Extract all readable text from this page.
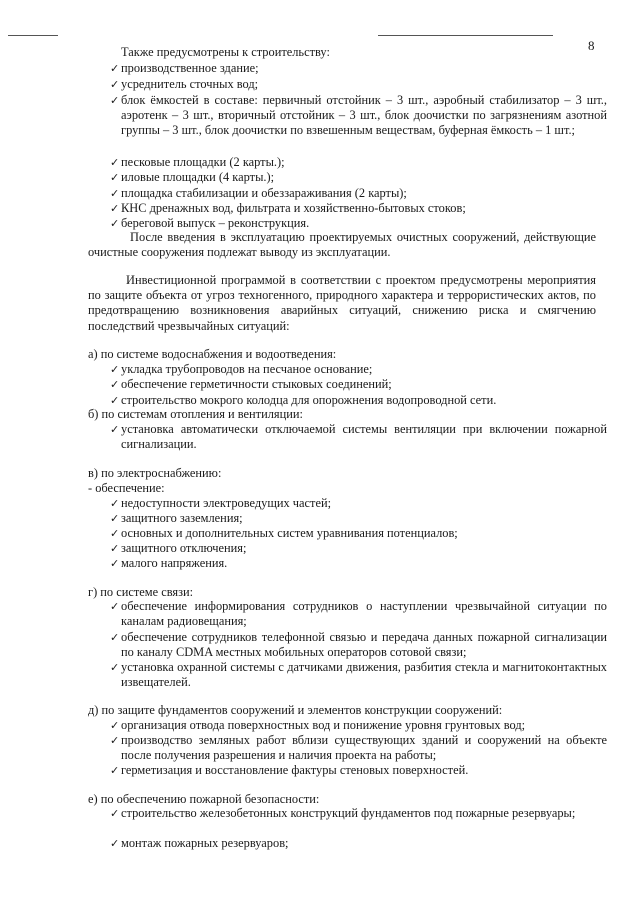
8
Также предусмотрены к строительству:
✓ производственное здание;
✓ усреднитель сточных вод;
✓ блок ёмкостей в составе: первичный отстойник – 3 шт., аэробный стабилизатор – 3 шт., аэротенк – 3 шт., вторичный отстойник – 3 шт., блок доочистки по загрязнениям азотной группы – 3 шт., блок доочистки по взвешенным веществам, буферная ёмкость – 1 шт.;
✓ песковые площадки (2 карты.);
✓ иловые площадки (4 карты.);
✓ площадка стабилизации и обеззараживания (2 карты);
✓ КНС дренажных вод, фильтрата и хозяйственно-бытовых стоков;
✓ береговой выпуск – реконструкция.
После введения в эксплуатацию проектируемых очистных сооружений, действующие очистные сооружения подлежат выводу из эксплуатации.
Инвестиционной программой в соответствии с проектом предусмотрены мероприятия по защите объекта от угроз техногенного, природного характера и террористических актов, по предотвращению возникновения аварийных ситуаций, снижению риска и смягчению последствий чрезвычайных ситуаций:
а) по системе водоснабжения и водоотведения:
✓ укладка трубопроводов на песчаное основание;
✓ обеспечение герметичности стыковых соединений;
✓ строительство мокрого колодца для опорожнения водопроводной сети.
б) по системам отопления и вентиляции:
✓ установка автоматически отключаемой системы вентиляции при включении пожарной сигнализации.
в) по электроснабжению:
- обеспечение:
✓ недоступности электроведущих частей;
✓ защитного заземления;
✓ основных и дополнительных систем уравнивания потенциалов;
✓ защитного отключения;
✓ малого напряжения.
г) по системе связи:
✓ обеспечение информирования сотрудников о наступлении чрезвычайной ситуации по каналам радиовещания;
✓ обеспечение сотрудников телефонной связью и передача данных пожарной сигнализации по каналу CDMA местных мобильных операторов сотовой связи;
✓ установка охранной системы с датчиками движения, разбития стекла и магнитоконтактных извещателей.
д) по защите фундаментов сооружений и элементов конструкции сооружений:
✓ организация отвода поверхностных вод и понижение уровня грунтовых вод;
✓ производство земляных работ вблизи существующих зданий и сооружений на объекте после получения разрешения и наличия проекта на работы;
✓ герметизация и восстановление фактуры стеновых поверхностей.
е) по обеспечению пожарной безопасности:
✓ строительство железобетонных конструкций фундаментов под пожарные резервуары;
✓ монтаж пожарных резервуаров;
